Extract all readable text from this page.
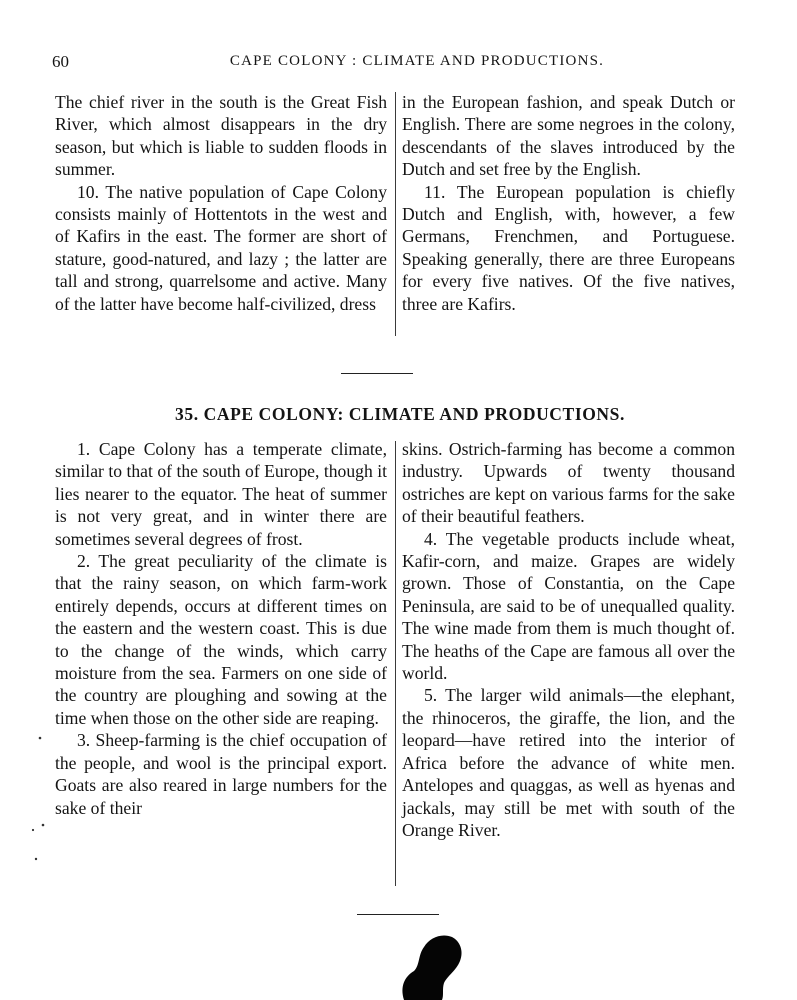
60	CAPE COLONY : CLIMATE AND PRODUCTIONS.

The chief river in the south is the Great Fish River, which almost disappears in the dry season, but which is liable to sudden floods in summer.

10. The native population of Cape Colony consists mainly of Hottentots in the west and of Kafirs in the east. The former are short of stature, good-natured, and lazy ; the latter are tall and strong, quarrelsome and active. Many of the latter have become half-civilized, dress

in the European fashion, and speak Dutch or English. There are some negroes in the colony, descendants of the slaves introduced by the Dutch and set free by the English.

11. The European population is chiefly Dutch and English, with, however, a few Germans, Frenchmen, and Portuguese. Speaking generally, there are three Europeans for every five natives. Of the five natives, three are Kafirs.

35. CAPE COLONY: CLIMATE AND PRODUCTIONS.

1. Cape Colony has a temperate climate, similar to that of the south of Europe, though it lies nearer to the equator. The heat of summer is not very great, and in winter there are sometimes several degrees of frost.

2. The great peculiarity of the climate is that the rainy season, on which farm-work entirely depends, occurs at different times on the eastern and the western coast. This is due to the change of the winds, which carry moisture from the sea. Farmers on one side of the country are ploughing and sowing at the time when those on the other side are reaping.

3. Sheep-farming is the chief occupation of the people, and wool is the principal export. Goats are also reared in large numbers for the sake of their

skins. Ostrich-farming has become a common industry. Upwards of twenty thousand ostriches are kept on various farms for the sake of their beautiful feathers.

4. The vegetable products include wheat, Kafir-corn, and maize. Grapes are widely grown. Those of Constantia, on the Cape Peninsula, are said to be of unequalled quality. The wine made from them is much thought of. The heaths of the Cape are famous all over the world.

5. The larger wild animals—the elephant, the rhinoceros, the giraffe, the lion, and the leopard—have retired into the interior of Africa before the advance of white men. Antelopes and quaggas, as well as hyenas and jackals, may still be met with south of the Orange River.
